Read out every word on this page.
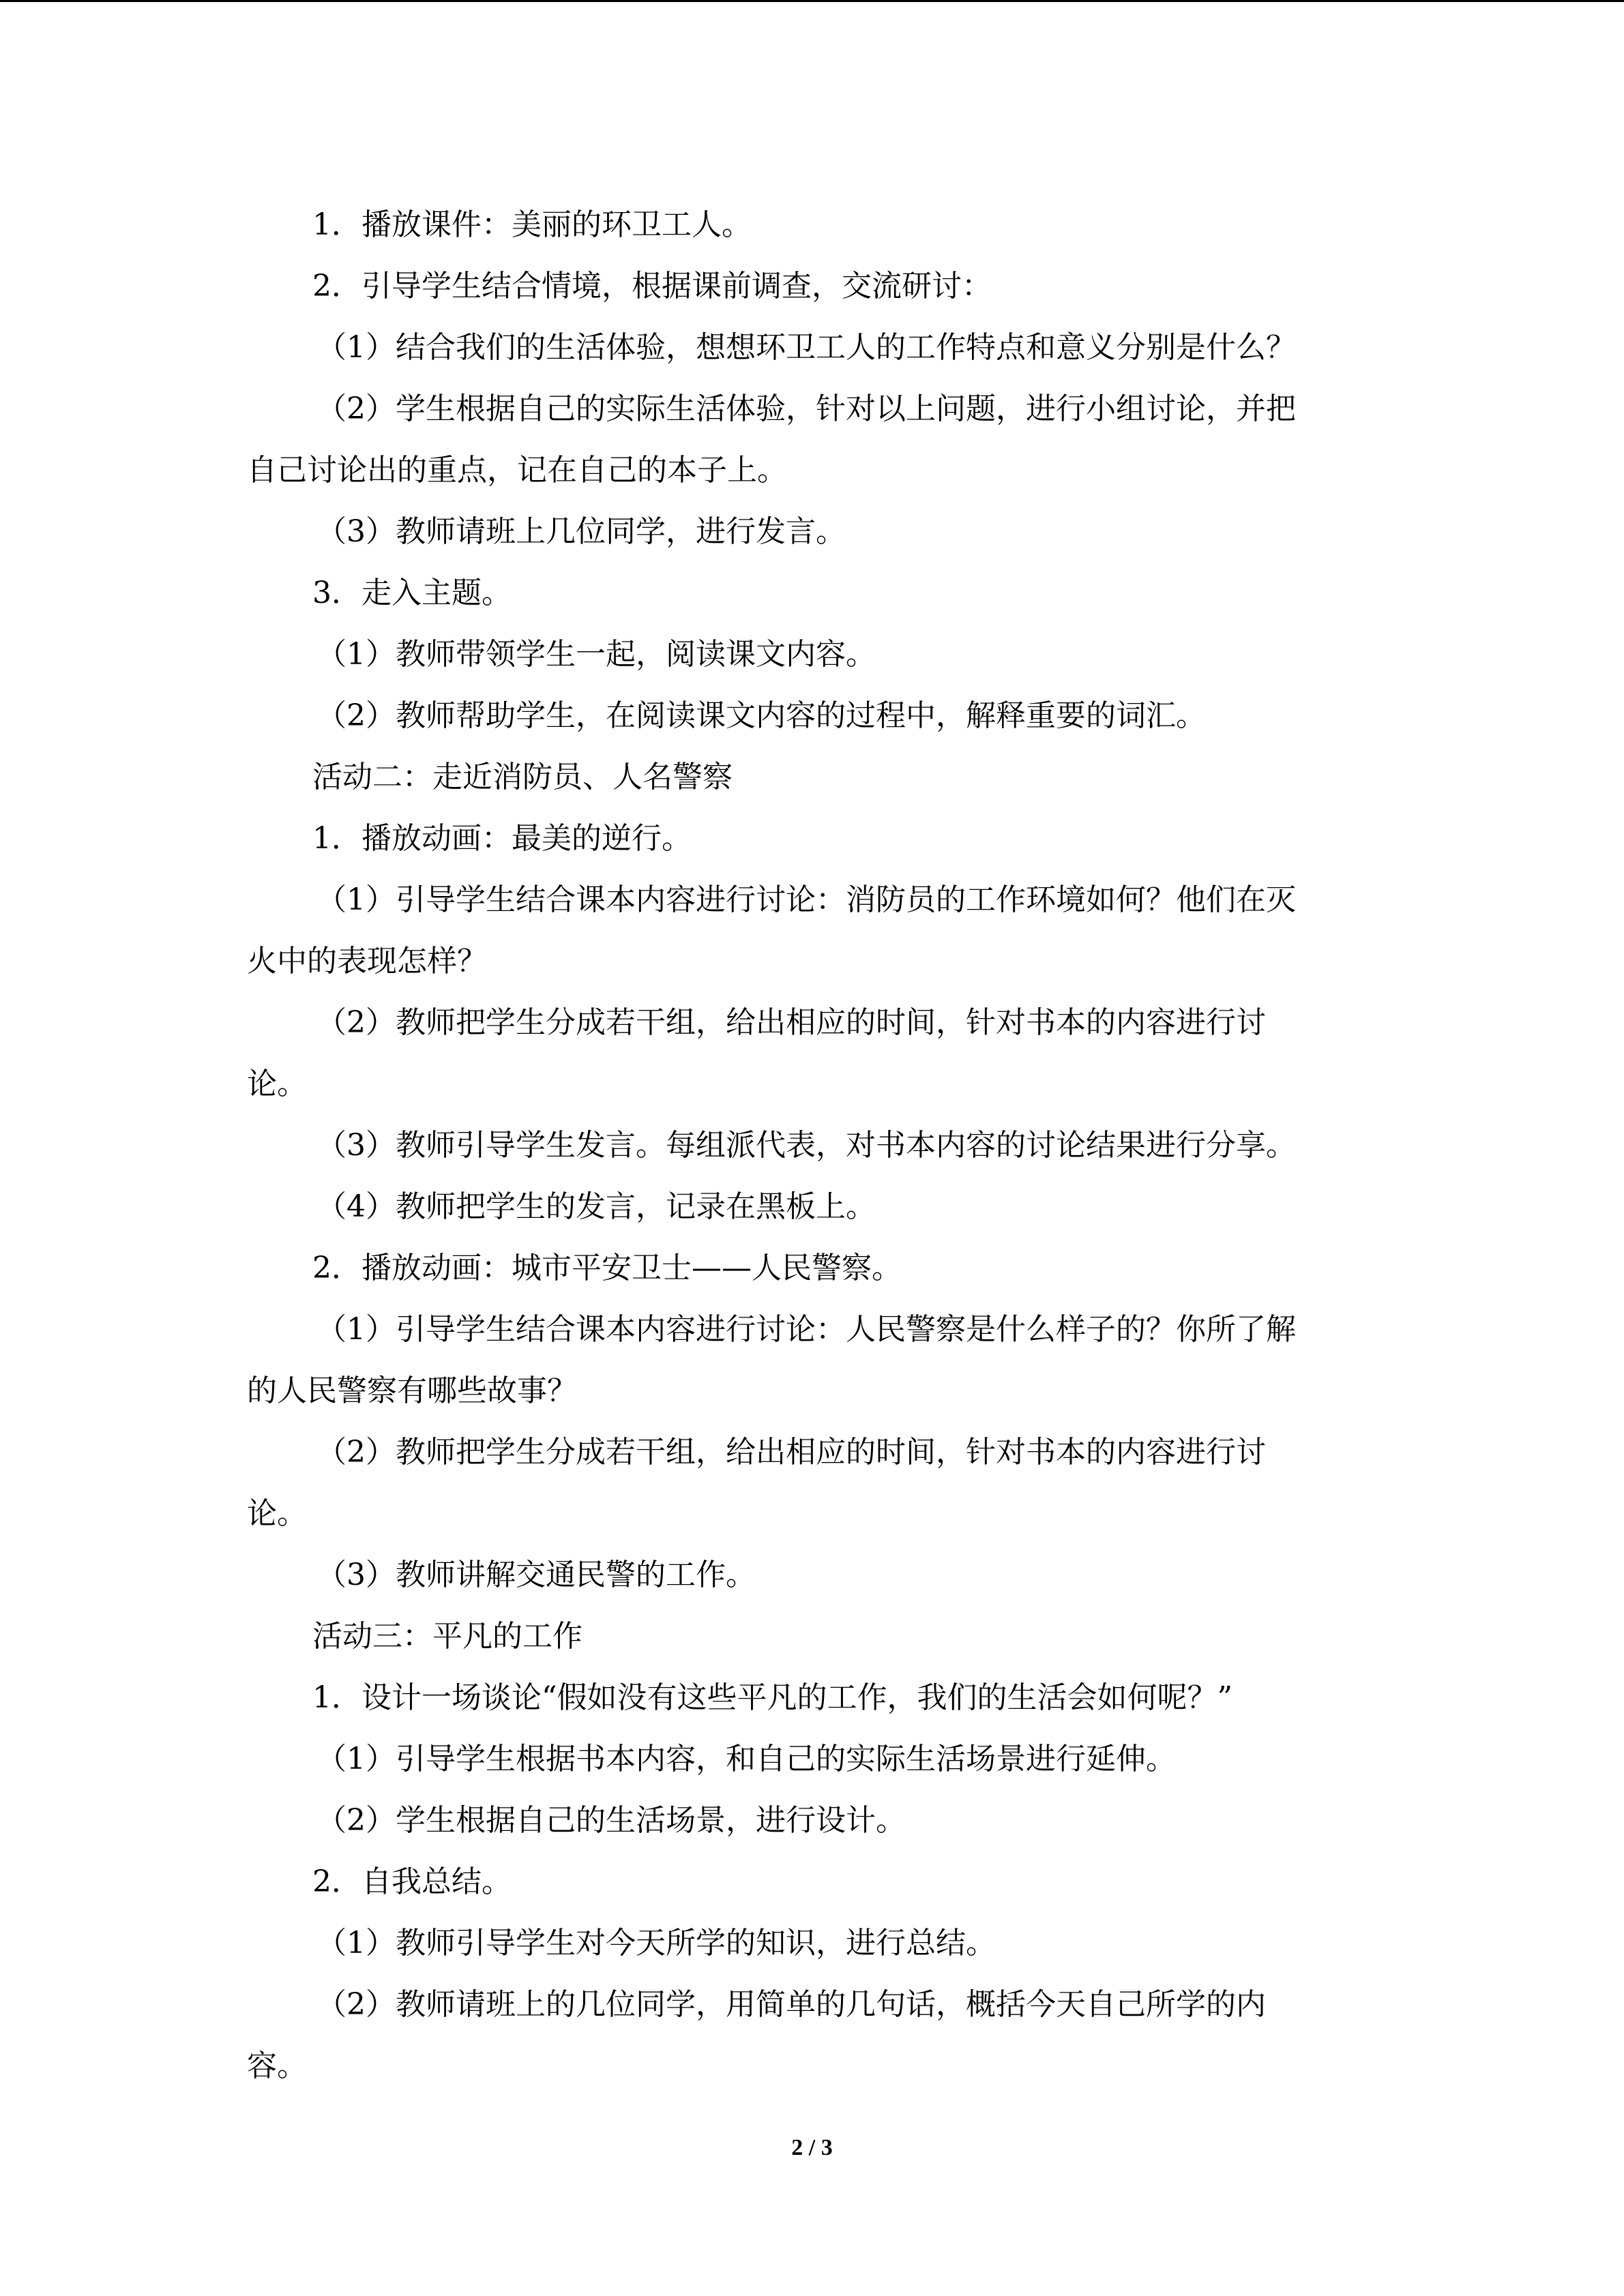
1．播放课件：美丽的环卫工人。
2．引导学生结合情境，根据课前调查，交流研讨：
（1）结合我们的生活体验，想想环卫工人的工作特点和意义分别是什么？
（2）学生根据自己的实际生活体验，针对以上问题，进行小组讨论，并把
自己讨论出的重点，记在自己的本子上。
（3）教师请班上几位同学，进行发言。
3．走入主题。
（1）教师带领学生一起，阅读课文内容。
（2）教师帮助学生，在阅读课文内容的过程中，解释重要的词汇。
活动二：走近消防员、人名警察
1．播放动画：最美的逆行。
（1）引导学生结合课本内容进行讨论：消防员的工作环境如何？他们在灭
火中的表现怎样？
（2）教师把学生分成若干组，给出相应的时间，针对书本的内容进行讨
论。
（3）教师引导学生发言。每组派代表，对书本内容的讨论结果进行分享。
（4）教师把学生的发言，记录在黑板上。
2．播放动画：城市平安卫士——人民警察。
（1）引导学生结合课本内容进行讨论：人民警察是什么样子的？你所了解
的人民警察有哪些故事？
（2）教师把学生分成若干组，给出相应的时间，针对书本的内容进行讨
论。
（3）教师讲解交通民警的工作。
活动三：平凡的工作
1．设计一场谈论“假如没有这些平凡的工作，我们的生活会如何呢？”
（1）引导学生根据书本内容，和自己的实际生活场景进行延伸。
（2）学生根据自己的生活场景，进行设计。
2．自我总结。
（1）教师引导学生对今天所学的知识，进行总结。
（2）教师请班上的几位同学，用简单的几句话，概括今天自己所学的内
容。
2 / 3
